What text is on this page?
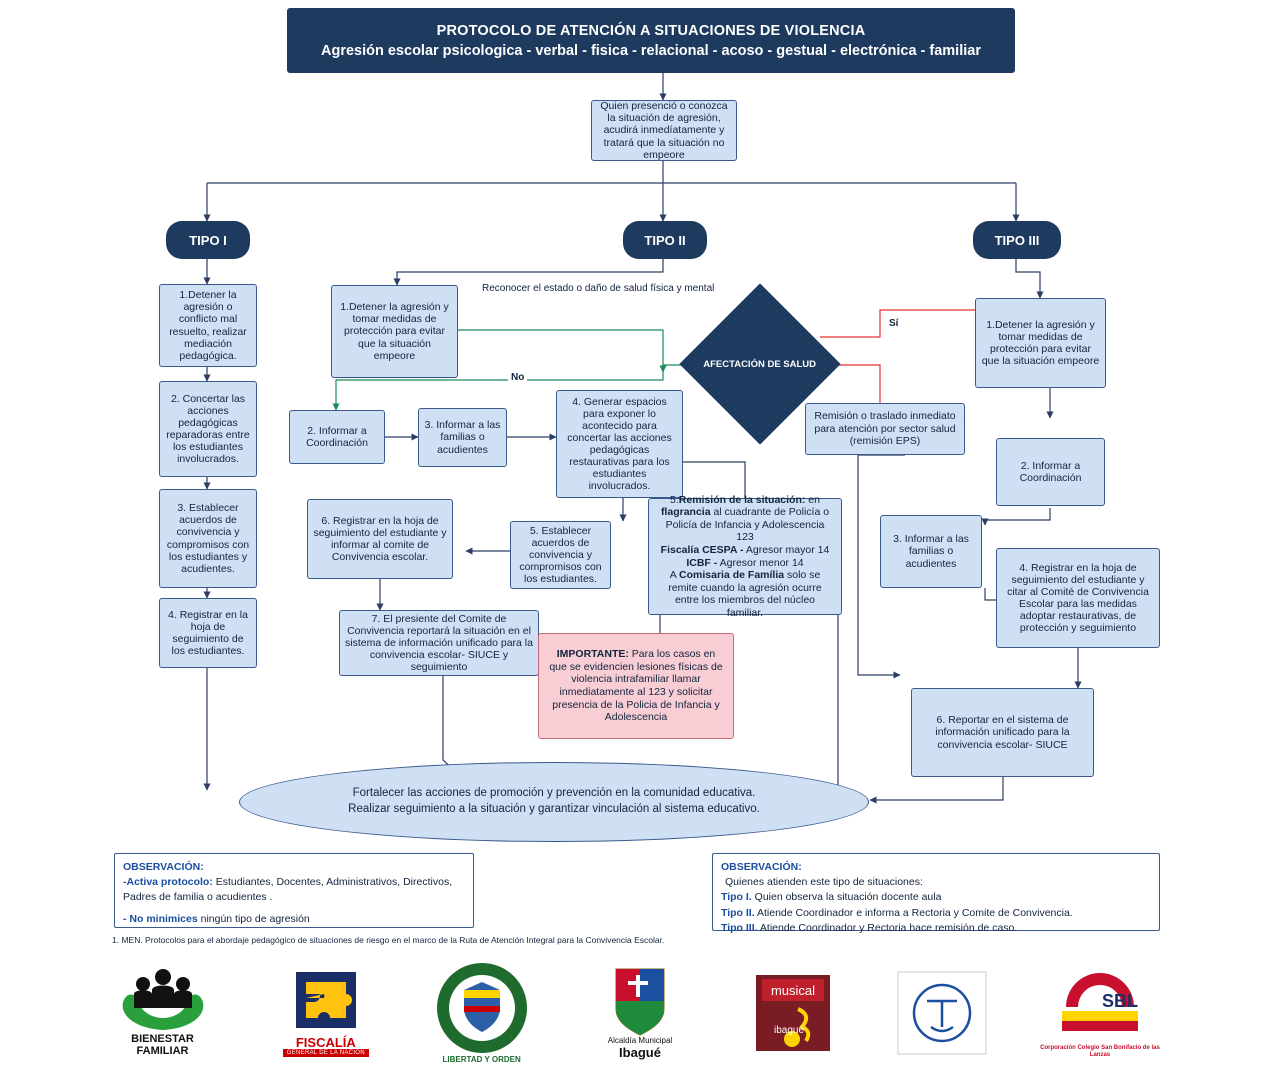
PROTOCOLO DE ATENCIÓN A SITUACIONES DE VIOLENCIA
Agresión escolar psicologica - verbal - fisica - relacional - acoso - gestual - electrónica - familiar
Quien presenció o conozca la situación de agresión, acudirá inmedíatamente y tratará que la situación no empeore
TIPO I	TIPO II	TIPO III
1.Detener la agresión o conflicto mal resuelto, realizar mediación pedagógica.
2. Concertar las acciones pedagógicas reparadoras entre los estudiantes involucrados.
3. Establecer acuerdos de convivencia y compromisos con los estudiantes y acudientes.
4. Registrar en la hoja de seguimiento de los estudiantes.
1.Detener la agresión y tomar medidas de protección para evitar que la situación empeore
2. Informar a Coordinación
3. Informar a las familias o acudientes
4. Generar espacios para exponer lo acontecido para concertar las acciones pedagógicas restaurativas para los estudiantes involucrados.
5. Establecer acuerdos de convivencia y compromisos con los estudiantes.
6. Registrar en la hoja de seguimiento del estudiante y informar al comite de Convivencia escolar.
7. El presiente del Comite de Convivencia reportará la situación en el sistema de información unificado para la convivencia escolar- SIUCE y seguimiento
AFECTACIÓN DE SALUD
Reconocer el estado o daño de salud física y mental
Sí
No
Remisión o traslado inmediato para atención por sector salud (remisión EPS)
5.Remisión de la situación: en flagrancia al cuadrante de Policía o Policía de Infancia y Adolescencia 123
Fiscalía CESPA - Agresor mayor 14
ICBF - Agresor menor 14
A Comisaria de Família solo se remite cuando la agresión ocurre entre los miembros del núcleo familiar.
IMPORTANTE: Para los casos en que se evidencien lesiones físicas de violencia intrafamiliar llamar inmediatamente al 123 y solicitar presencia de la Policia de Infancia y Adolescencia
1.Detener la agresión y tomar medidas de protección para evitar que la situación empeore
2. Informar a Coordinación
3. Informar a las familias o acudientes	4. Registrar en la hoja de seguimiento del estudiante y citar al Comité de Convivencia Escolar para las medidas adoptar restaurativas, de protección y seguimiento
6. Reportar en el sistema de información unificado para la convivencia escolar- SIUCE
Fortalecer las acciones de promoción y prevención en la comunidad educativa.
Realizar seguimiento a la situación y garantizar vinculación al sistema educativo.
OBSERVACIÓN:
-Activa protocolo: Estudiantes, Docentes, Administrativos, Directivos, Padres de familia o acudientes .
- No minimices ningún tipo de agresión
OBSERVACIÓN:
Quienes atienden este tipo de situaciones:
Tipo I. Quien observa la situación docente aula
Tipo II. Atiende Coordinador e informa a Rectoria y Comite de Convivencia.
Tipo III. Atiende Coordinador y Rectoria hace remisión de caso.
1. MEN. Protocolos para el abordaje pedagógico de situaciones de riesgo en el marco de la Ruta de Atención Integral para la Convivencia Escolar.
BIENESTAR
FAMILIAR
FISCALÍA
GENERAL DE LA NACIÓN
LIBERTAD Y ORDEN
Alcaldía Municipal
Ibagué
musical
ibagué
SBL
Corporación Colegio San Bonifacio de las Lanzas
